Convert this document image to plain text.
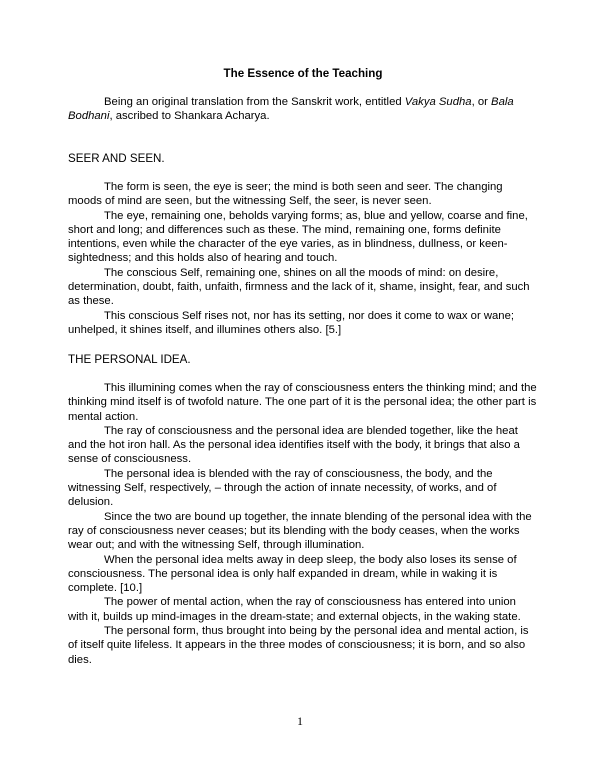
The Essence of the Teaching

Being an original translation from the Sanskrit work, entitled Vakya Sudha, or Bala Bodhani, ascribed to Shankara Acharya.

SEER AND SEEN.

The form is seen, the eye is seer; the mind is both seen and seer. The changing moods of mind are seen, but the witnessing Self, the seer, is never seen.

The eye, remaining one, beholds varying forms; as, blue and yellow, coarse and fine, short and long; and differences such as these. The mind, remaining one, forms definite intentions, even while the character of the eye varies, as in blindness, dullness, or keen-sightedness; and this holds also of hearing and touch.

The conscious Self, remaining one, shines on all the moods of mind: on desire, determination, doubt, faith, unfaith, firmness and the lack of it, shame, insight, fear, and such as these.

This conscious Self rises not, nor has its setting, nor does it come to wax or wane; unhelped, it shines itself, and illumines others also. [5.]

THE PERSONAL IDEA.

This illumining comes when the ray of consciousness enters the thinking mind; and the thinking mind itself is of twofold nature. The one part of it is the personal idea; the other part is mental action.

The ray of consciousness and the personal idea are blended together, like the heat and the hot iron hall. As the personal idea identifies itself with the body, it brings that also a sense of consciousness.

The personal idea is blended with the ray of consciousness, the body, and the witnessing Self, respectively, – through the action of innate necessity, of works, and of delusion.

Since the two are bound up together, the innate blending of the personal idea with the ray of consciousness never ceases; but its blending with the body ceases, when the works wear out; and with the witnessing Self, through illumination.

When the personal idea melts away in deep sleep, the body also loses its sense of consciousness. The personal idea is only half expanded in dream, while in waking it is complete. [10.]

The power of mental action, when the ray of consciousness has entered into union with it, builds up mind-images in the dream-state; and external objects, in the waking state.

The personal form, thus brought into being by the personal idea and mental action, is of itself quite lifeless. It appears in the three modes of consciousness; it is born, and so also dies.

1
